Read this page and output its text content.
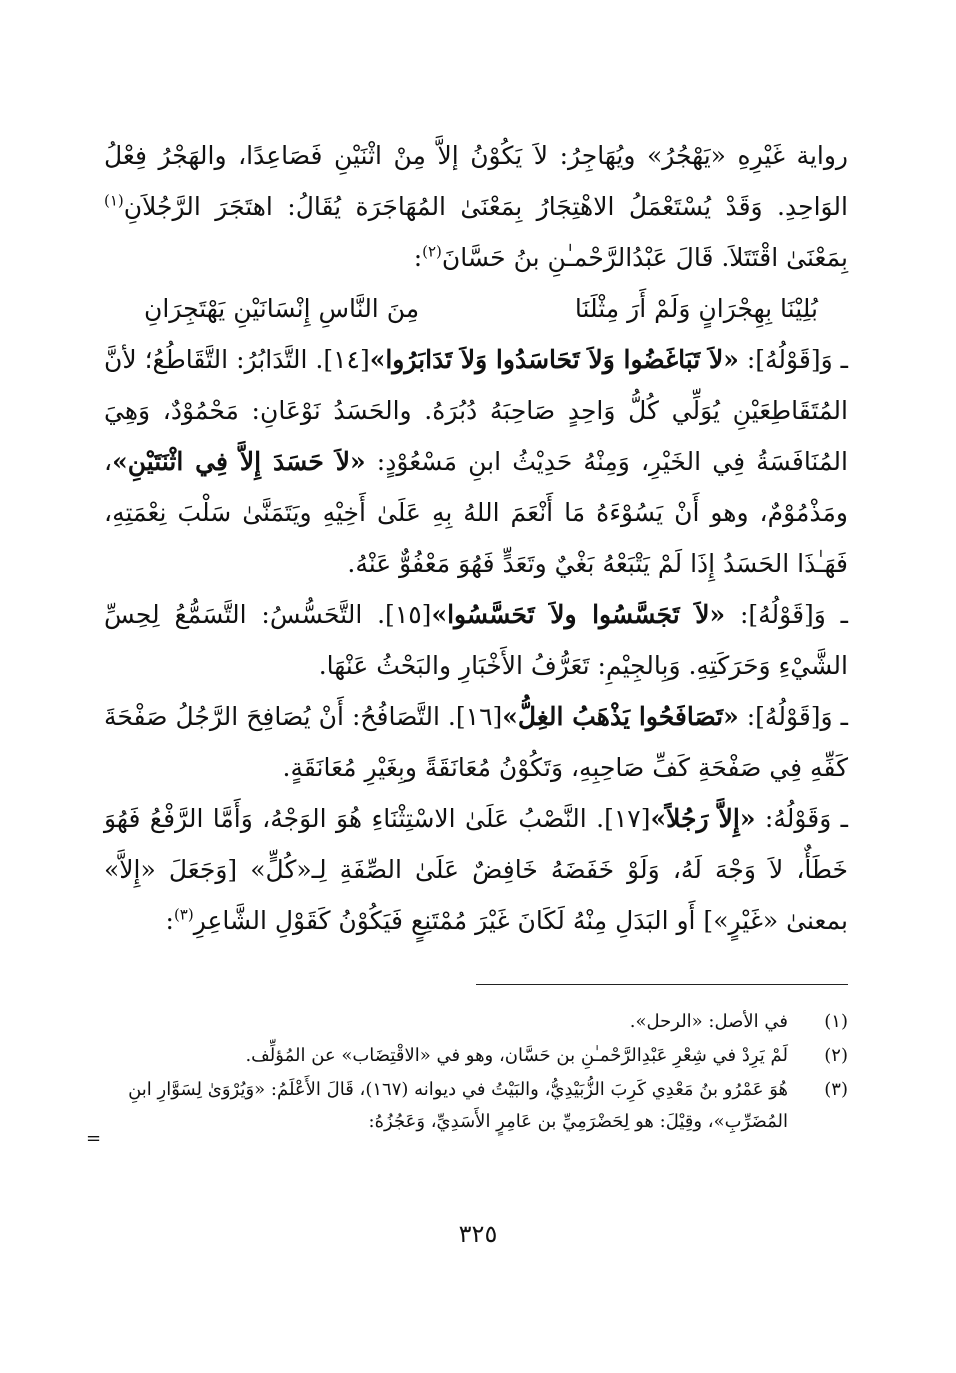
رواية غَيْرِهِ «يَهْجُرُ» ويُهَاجِرُ: لاَ يَكُوْنُ إلاَّ مِنْ اثْنَيْنِ فَصَاعِدًا، والهَجْرُ فِعْلُ الوَاحِدِ. وَقَدْ يُسْتَعْمَلُ الاهْتِجَارُ بِمَعْنَىٰ المُهَاجَرَة يُقَالُ: اهتَجَرَ الرَّجُلاَنِ$^{(١)}$ بِمَعْنَىٰ اقْتَتَلاَ. قَالَ عَبْدُالرَّحْمـٰنِ بنُ حَسَّانَ$^{(٢)}$:

بُلِيْنَا بِهِجْرَانٍ وَلَمْ أَرَ مِثْلَنَا
مِنَ النَّاسِ إِنْسَانَيْنِ يَهْتَجِرَانِ

ـ وَ[قَوْلُهُ]: «لاَ تَبَاغَضُوا وَلاَ تَحَاسَدُوا وَلاَ تَدَابَرُوا»[١٤]. التَّدَابُرُ: التَّقَاطُعُ؛ لأنَّ المُتَقَاطِعَيْنِ يُوَلِّي كُلُّ وَاحِدٍ صَاحِبَهُ دُبُرَهُ. والحَسَدُ نَوْعَانِ: مَحْمُوْدٌ، وَهِيَ المُنَافَسَةُ فِي الخَيْرِ، وَمِنْهُ حَدِيْثُ ابنِ مَسْعُوْدٍ: «لاَ حَسَدَ إِلاَّ فِي اثْنَتَيْنِ»، ومَذْمُوْمٌ، وهو أَنْ يَسُوْءَهُ مَا أَنْعَمَ اللهُ بِهِ عَلَىٰ أَخِيْهِ ويَتَمَنَّىٰ سَلْبَ نِعْمَتِهِ، فَهَـٰذَا الحَسَدُ إِذَا لَمْ يَتْبَعْهُ بَغْيٌ وتَعَدٍّ فَهُوَ مَعْفُوٌّ عَنْهُ.

ـ وَ[قَوْلُهُ]: «لاَ تَجَسَّسُوا ولاَ تَحَسَّسُوا»[١٥]. التَّحَسُّسُ: التَّسَمُّعُ لِحِسِّ الشَّيْءِ وَحَرَكَتِهِ. وَبِالجِيْمِ: تَعَرُّفُ الأَخْبَارِ والبَحْثُ عَنْهَا.

ـ وَ[قَوْلُهُ]: «تَصَافَحُوا يَذْهَبُ الغِلُّ»[١٦]. التَّصَافُحُ: أَنْ يُصَافِحَ الرَّجُلُ صَفْحَةَ كَفِّهِ فِي صَفْحَةِ كَفِّ صَاحِبِهِ، وَتَكُوْنُ مُعَانَقَةً وبِغَيْرِ مُعَانَقَةٍ.

ـ وَقَوْلُهُ: «إِلاَّ رَجُلاً»[١٧]. النَّصْبُ عَلَىٰ الاسْتِثْنَاءِ هُوَ الوَجْهُ، وَأَمَّا الرَّفْعُ فَهُوَ خَطَأٌ، لاَ وَجْهَ لَهُ، وَلَوْ خَفَضَهُ خَافِضٌ عَلَىٰ الصِّفَةِ لِـ«كُلٍّ» [وَجَعَلَ «إِلاَّ» بمعنىٰ «غَيْرٍ»] أَو البَدَلِ مِنْهُ لَكَانَ غَيْرَ مُمْتَنِعٍ فَيَكُوْنُ كَقَوْلِ الشَّاعِرِ$^{(٣)}$:

(١)
في الأصل: «الرحل».
(٢)
لَمْ يَرِدْ في شِعْرِ عَبْدِالرَّحْمـٰنِ بن حَسَّان، وهو في «الاقْتِضَاب» عن المُؤلِّف.
(٣)
هُوَ عَمْرُو بنُ مَعْدِي كَرِبَ الزُّبَيْدِيُّ، والبَيْتُ في ديوانه (١٦٧)، قَالَ الأَعْلَمُ: «وَيُرْوَىٰ لِسَوَّارِ ابنِ المُضَرِّبِ»، وقِيْلَ: هو لِحَضْرَمِيِّ بن عَامِرٍ الأَسَدِيِّ، وَعَجُزُهُ:
=
٣٢٥
